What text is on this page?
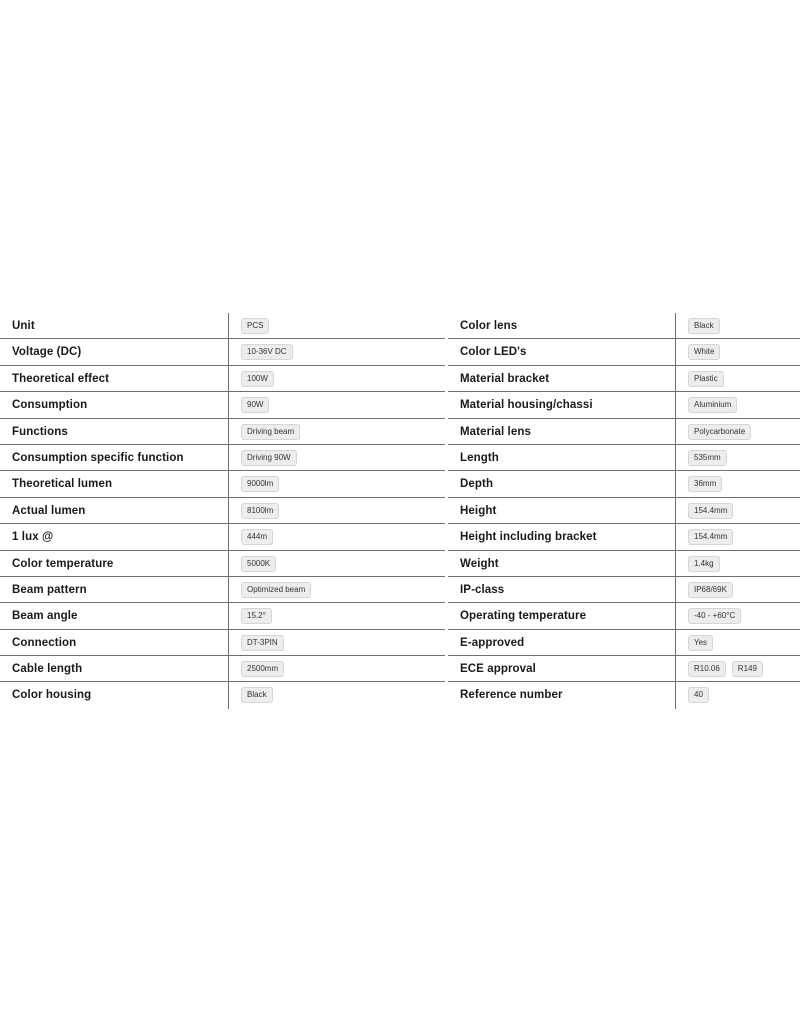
Unit	PCS
Voltage (DC)	10-36V DC
Theoretical effect	100W
Consumption	90W
Functions	Driving beam
Consumption specific function	Driving 90W
Theoretical lumen	9000lm
Actual lumen	8100lm
1 lux @	444m
Color temperature	5000K
Beam pattern	Optimized beam
Beam angle	15.2°
Connection	DT-3PIN
Cable length	2500mm
Color housing	Black
Color lens	Black
Color LED's	White
Material bracket	Plastic
Material housing/chassi	Aluminium
Material lens	Polycarbonate
Length	535mm
Depth	36mm
Height	154.4mm
Height including bracket	154.4mm
Weight	1.4kg
IP-class	IP68/69K
Operating temperature	-40 - +60°C
E-approved	Yes
ECE approval	R10.06	R149
Reference number	40
